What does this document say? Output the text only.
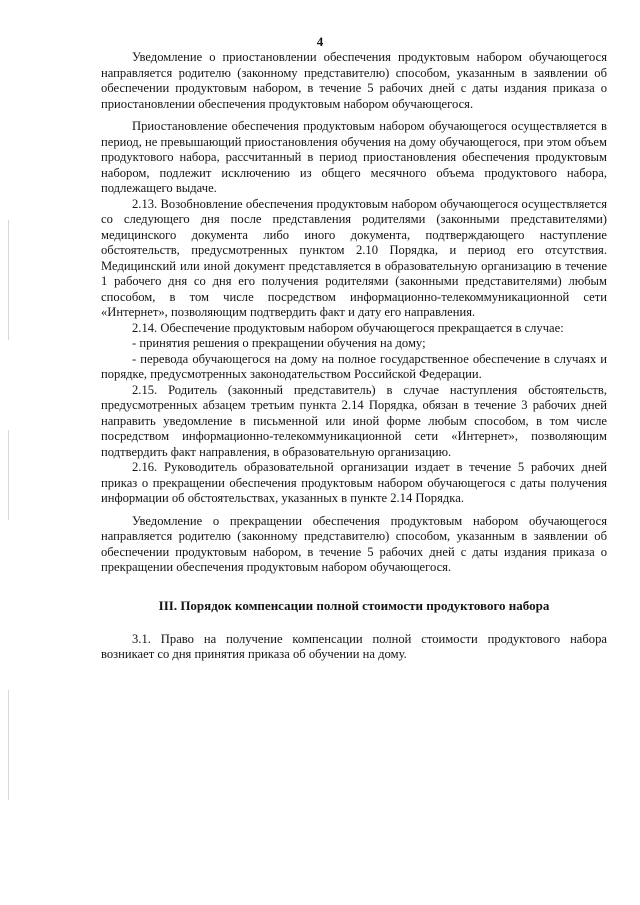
4

Уведомление о приостановлении обеспечения продуктовым набором обучающегося направляется родителю (законному представителю) способом, указанным в заявлении об обеспечении продуктовым набором, в течение 5 рабочих дней с даты издания приказа о приостановлении обеспечения продуктовым набором обучающегося.

Приостановление обеспечения продуктовым набором обучающегося осуществляется в период, не превышающий приостановления обучения на дому обучающегося, при этом объем продуктового набора, рассчитанный в период приостановления обеспечения продуктовым набором, подлежит исключению из общего месячного объема продуктового набора, подлежащего выдаче.

2.13. Возобновление обеспечения продуктовым набором обучающегося осуществляется со следующего дня после представления родителями (законными представителями) медицинского документа либо иного документа, подтверждающего наступление обстоятельств, предусмотренных пунктом 2.10 Порядка, и период его отсутствия. Медицинский или иной документ представляется в образовательную организацию в течение 1 рабочего дня со дня его получения родителями (законными представителями) любым способом, в том числе посредством информационно-телекоммуникационной сети «Интернет», позволяющим подтвердить факт и дату его направления.

2.14. Обеспечение продуктовым набором обучающегося прекращается в случае:

- принятия решения о прекращении обучения на дому;

- перевода обучающегося на дому на полное государственное обеспечение в случаях и порядке, предусмотренных законодательством Российской Федерации.

2.15. Родитель (законный представитель) в случае наступления обстоятельств, предусмотренных абзацем третьим пункта 2.14 Порядка, обязан в течение 3 рабочих дней направить уведомление в письменной или иной форме любым способом, в том числе посредством информационно-телекоммуникационной сети «Интернет», позволяющим подтвердить факт направления, в образовательную организацию.

2.16. Руководитель образовательной организации издает в течение 5 рабочих дней приказ о прекращении обеспечения продуктовым набором обучающегося с даты получения информации об обстоятельствах, указанных в пункте 2.14 Порядка.

Уведомление о прекращении обеспечения продуктовым набором обучающегося направляется родителю (законному представителю) способом, указанным в заявлении об обеспечении продуктовым набором, в течение 5 рабочих дней с даты издания приказа о прекращении обеспечения продуктовым набором обучающегося.

III. Порядок компенсации полной стоимости продуктового набора

3.1. Право на получение компенсации полной стоимости продуктового набора возникает со дня принятия приказа об обучении на дому.
